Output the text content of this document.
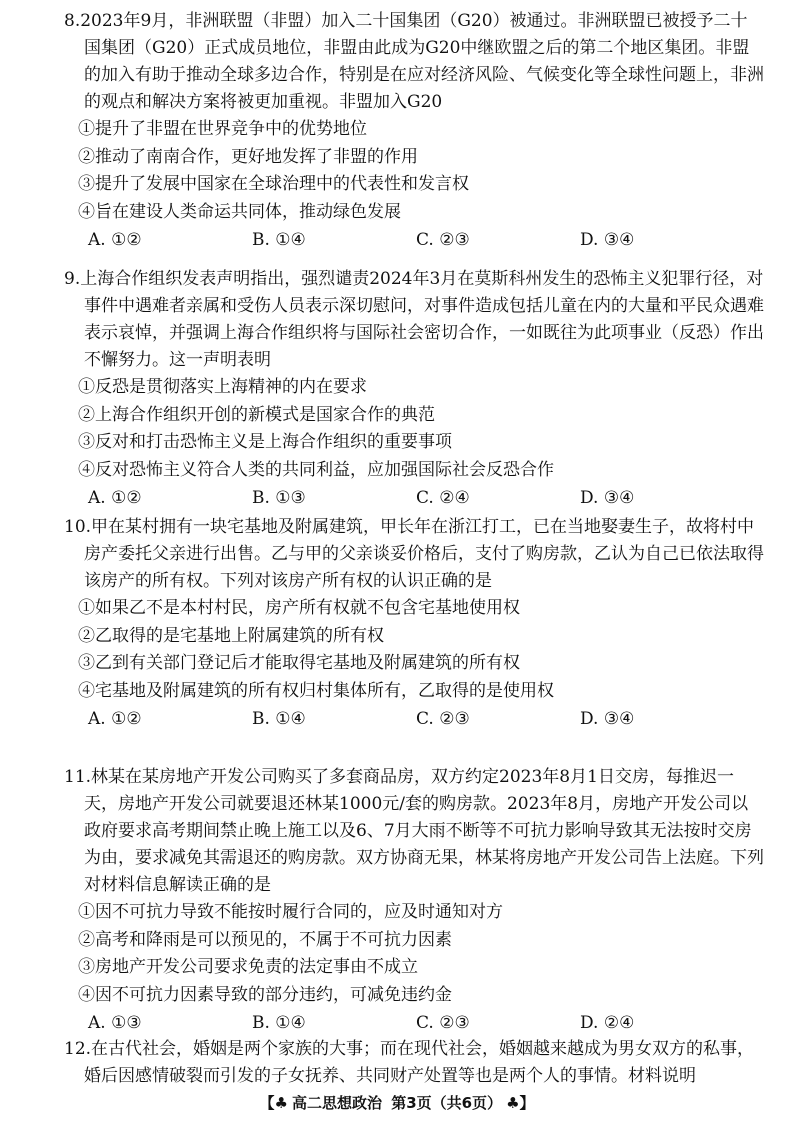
8.2023年9月，非洲联盟（非盟）加入二十国集团（G20）被通过。非洲联盟已被授予二十国集团（G20）正式成员地位，非盟由此成为G20中继欧盟之后的第二个地区集团。非盟的加入有助于推动全球多边合作，特别是在应对经济风险、气候变化等全球性问题上，非洲的观点和解决方案将被更加重视。非盟加入G20

①提升了非盟在世界竞争中的优势地位

②推动了南南合作，更好地发挥了非盟的作用

③提升了发展中国家在全球治理中的代表性和发言权

④旨在建设人类命运共同体，推动绿色发展

A. ①②	B. ①④	C. ②③	D. ③④

9.上海合作组织发表声明指出，强烈谴责2024年3月在莫斯科州发生的恐怖主义犯罪行径，对事件中遇难者亲属和受伤人员表示深切慰问，对事件造成包括儿童在内的大量和平民众遇难表示哀悼，并强调上海合作组织将与国际社会密切合作，一如既往为此项事业（反恐）作出不懈努力。这一声明表明

①反恐是贯彻落实上海精神的内在要求

②上海合作组织开创的新模式是国家合作的典范

③反对和打击恐怖主义是上海合作组织的重要事项

④反对恐怖主义符合人类的共同利益，应加强国际社会反恐合作

A. ①②	B. ①③	C. ②④	D. ③④

10.甲在某村拥有一块宅基地及附属建筑，甲长年在浙江打工，已在当地娶妻生子，故将村中房产委托父亲进行出售。乙与甲的父亲谈妥价格后，支付了购房款，乙认为自己已依法取得该房产的所有权。下列对该房产所有权的认识正确的是

①如果乙不是本村村民，房产所有权就不包含宅基地使用权

②乙取得的是宅基地上附属建筑的所有权

③乙到有关部门登记后才能取得宅基地及附属建筑的所有权

④宅基地及附属建筑的所有权归村集体所有，乙取得的是使用权

A. ①②	B. ①④	C. ②③	D. ③④

11.林某在某房地产开发公司购买了多套商品房，双方约定2023年8月1日交房，每推迟一天，房地产开发公司就要退还林某1000元/套的购房款。2023年8月，房地产开发公司以政府要求高考期间禁止晚上施工以及6、7月大雨不断等不可抗力影响导致其无法按时交房为由，要求减免其需退还的购房款。双方协商无果，林某将房地产开发公司告上法庭。下列对材料信息解读正确的是

①因不可抗力导致不能按时履行合同的，应及时通知对方

②高考和降雨是可以预见的，不属于不可抗力因素

③房地产开发公司要求免责的法定事由不成立

④因不可抗力因素导致的部分违约，可减免违约金

A. ①③	B. ①④	C. ②③	D. ②④

12.在古代社会，婚姻是两个家族的大事；而在现代社会，婚姻越来越成为男女双方的私事，婚后因感情破裂而引发的子女抚养、共同财产处置等也是两个人的事情。材料说明

【♣ 高二思想政治 第3页（共6页） ♣】
